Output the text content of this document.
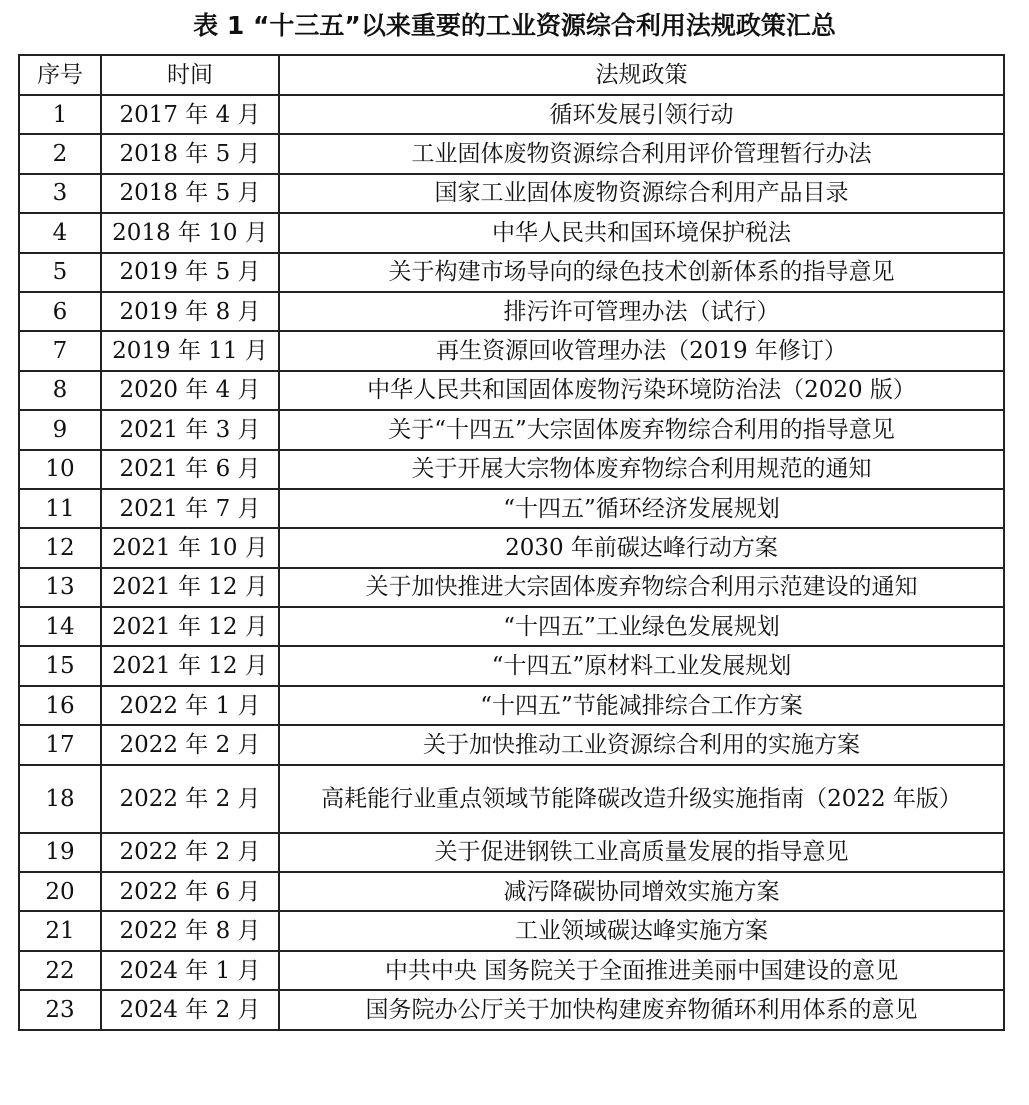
表 1 “十三五”以来重要的工业资源综合利用法规政策汇总
序号	时间	法规政策
1	2017 年 4 月	循环发展引领行动
2	2018 年 5 月	工业固体废物资源综合利用评价管理暂行办法
3	2018 年 5 月	国家工业固体废物资源综合利用产品目录
4	2018 年 10 月	中华人民共和国环境保护税法
5	2019 年 5 月	关于构建市场导向的绿色技术创新体系的指导意见
6	2019 年 8 月	排污许可管理办法（试行）
7	2019 年 11 月	再生资源回收管理办法（2019 年修订）
8	2020 年 4 月	中华人民共和国固体废物污染环境防治法（2020 版）
9	2021 年 3 月	关于“十四五”大宗固体废弃物综合利用的指导意见
10	2021 年 6 月	关于开展大宗物体废弃物综合利用规范的通知
11	2021 年 7 月	“十四五”循环经济发展规划
12	2021 年 10 月	2030 年前碳达峰行动方案
13	2021 年 12 月	关于加快推进大宗固体废弃物综合利用示范建设的通知
14	2021 年 12 月	“十四五”工业绿色发展规划
15	2021 年 12 月	“十四五”原材料工业发展规划
16	2022 年 1 月	“十四五”节能减排综合工作方案
17	2022 年 2 月	关于加快推动工业资源综合利用的实施方案
18	2022 年 2 月	高耗能行业重点领域节能降碳改造升级实施指南（2022 年版）
19	2022 年 2 月	关于促进钢铁工业高质量发展的指导意见
20	2022 年 6 月	减污降碳协同增效实施方案
21	2022 年 8 月	工业领域碳达峰实施方案
22	2024 年 1 月	中共中央 国务院关于全面推进美丽中国建设的意见
23	2024 年 2 月	国务院办公厅关于加快构建废弃物循环利用体系的意见
